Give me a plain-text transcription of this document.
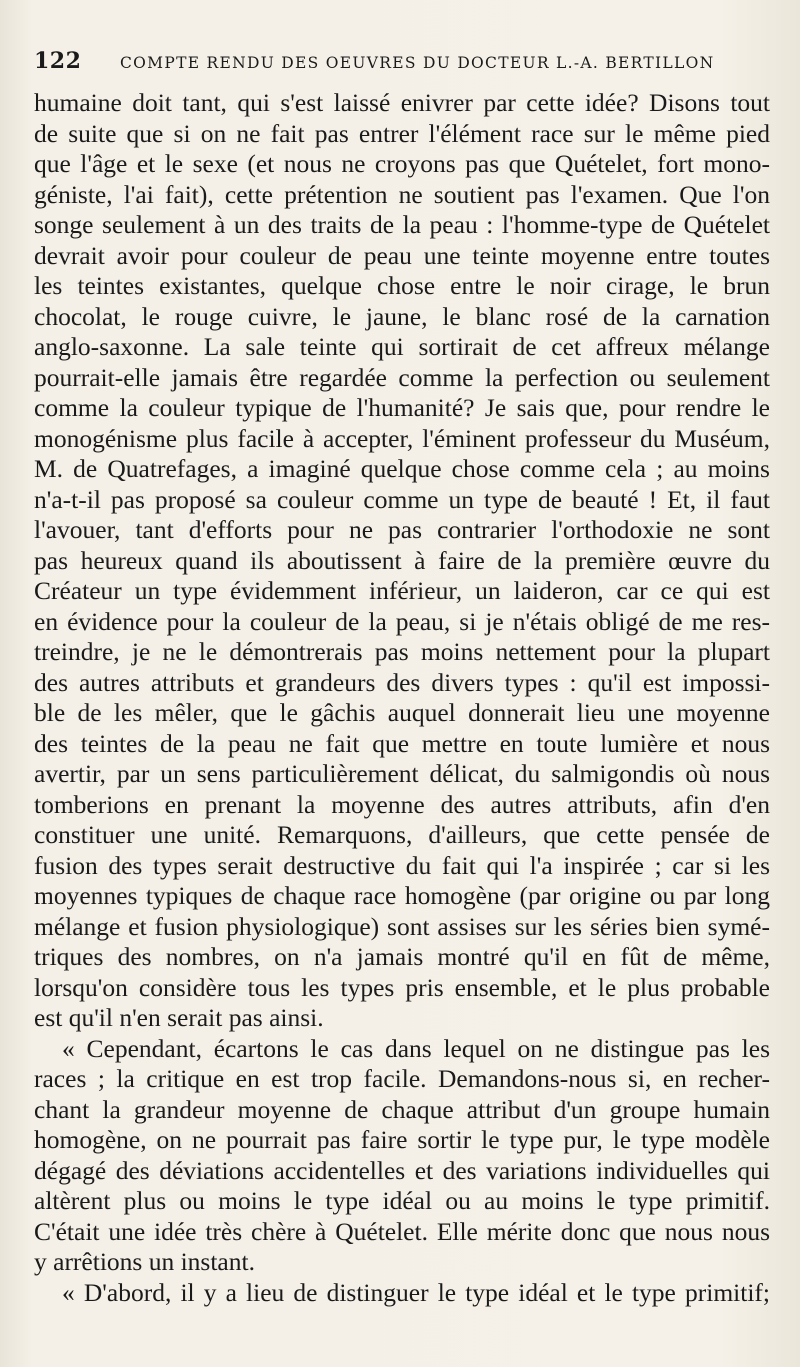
122	COMPTE RENDU DES OEUVRES DU DOCTEUR L.-A. BERTILLON
humaine doit tant, qui s'est laissé enivrer par cette idée? Disons tout
de suite que si on ne fait pas entrer l'élément race sur le même pied
que l'âge et le sexe (et nous ne croyons pas que Quételet, fort mono-
géniste, l'ai fait), cette prétention ne soutient pas l'examen. Que l'on
songe seulement à un des traits de la peau : l'homme-type de Quételet
devrait avoir pour couleur de peau une teinte moyenne entre toutes
les teintes existantes, quelque chose entre le noir cirage, le brun
chocolat, le rouge cuivre, le jaune, le blanc rosé de la carnation
anglo-saxonne. La sale teinte qui sortirait de cet affreux mélange
pourrait-elle jamais être regardée comme la perfection ou seulement
comme la couleur typique de l'humanité? Je sais que, pour rendre le
monogénisme plus facile à accepter, l'éminent professeur du Muséum,
M. de Quatrefages, a imaginé quelque chose comme cela ; au moins
n'a-t-il pas proposé sa couleur comme un type de beauté ! Et, il faut
l'avouer, tant d'efforts pour ne pas contrarier l'orthodoxie ne sont
pas heureux quand ils aboutissent à faire de la première œuvre du
Créateur un type évidemment inférieur, un laideron, car ce qui est
en évidence pour la couleur de la peau, si je n'étais obligé de me res-
treindre, je ne le démontrerais pas moins nettement pour la plupart
des autres attributs et grandeurs des divers types : qu'il est impossi-
ble de les mêler, que le gâchis auquel donnerait lieu une moyenne
des teintes de la peau ne fait que mettre en toute lumière et nous
avertir, par un sens particulièrement délicat, du salmigondis où nous
tomberions en prenant la moyenne des autres attributs, afin d'en
constituer une unité. Remarquons, d'ailleurs, que cette pensée de
fusion des types serait destructive du fait qui l'a inspirée ; car si les
moyennes typiques de chaque race homogène (par origine ou par long
mélange et fusion physiologique) sont assises sur les séries bien symé-
triques des nombres, on n'a jamais montré qu'il en fût de même,
lorsqu'on considère tous les types pris ensemble, et le plus probable
est qu'il n'en serait pas ainsi.
« Cependant, écartons le cas dans lequel on ne distingue pas les
races ; la critique en est trop facile. Demandons-nous si, en recher-
chant la grandeur moyenne de chaque attribut d'un groupe humain
homogène, on ne pourrait pas faire sortir le type pur, le type modèle
dégagé des déviations accidentelles et des variations individuelles qui
altèrent plus ou moins le type idéal ou au moins le type primitif.
C'était une idée très chère à Quételet. Elle mérite donc que nous nous
y arrêtions un instant.
« D'abord, il y a lieu de distinguer le type idéal et le type primitif;
